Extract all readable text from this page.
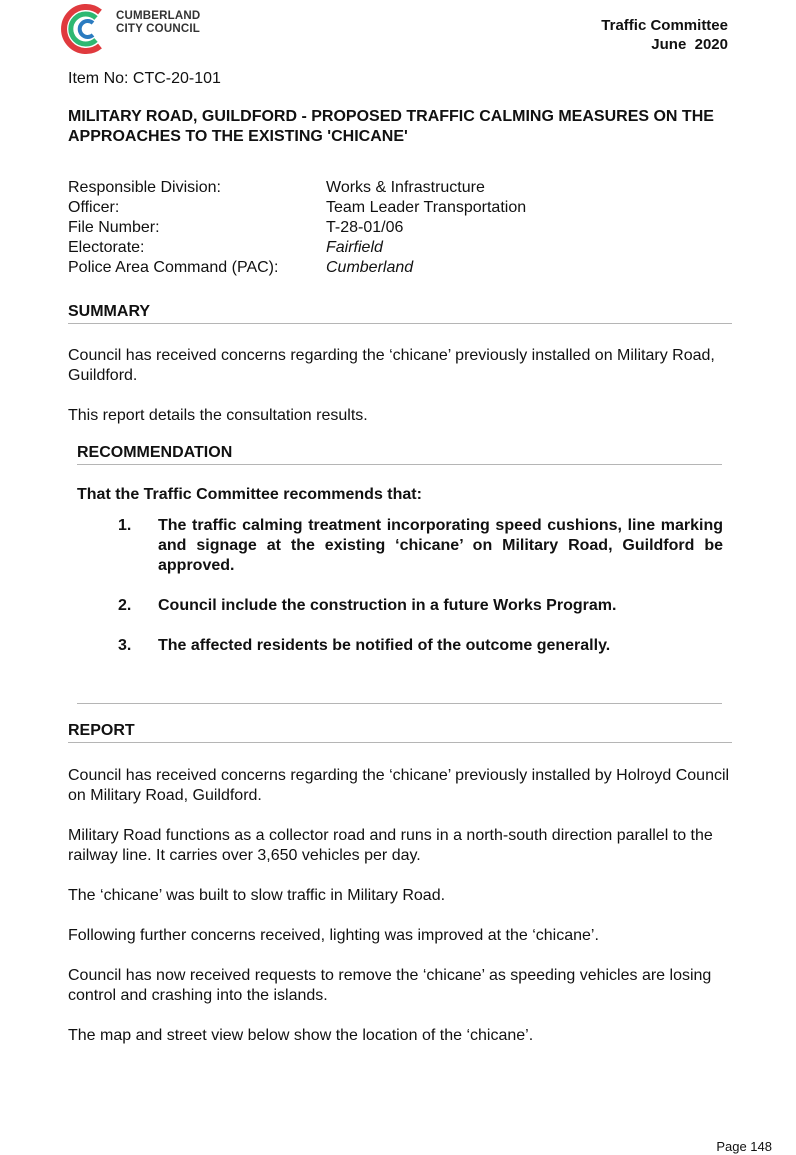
CUMBERLAND
CITY COUNCIL	Traffic Committee
June  2020
Item No: CTC-20-101
MILITARY ROAD, GUILDFORD - PROPOSED TRAFFIC CALMING MEASURES ON THE APPROACHES TO THE EXISTING 'CHICANE'
Responsible Division:	Works & Infrastructure
Officer:	Team Leader Transportation
File Number:	T-28-01/06
Electorate:	Fairfield
Police Area Command (PAC):	Cumberland
SUMMARY
Council has received concerns regarding the ‘chicane’ previously installed on Military Road, Guildford.
This report details the consultation results.
RECOMMENDATION
That the Traffic Committee recommends that:
1.	The traffic calming treatment incorporating speed cushions, line marking and signage at the existing ‘chicane’ on Military Road, Guildford be approved.
2.	Council include the construction in a future Works Program.
3.	The affected residents be notified of the outcome generally.
REPORT
Council has received concerns regarding the ‘chicane’ previously installed by Holroyd Council on Military Road, Guildford.
Military Road functions as a collector road and runs in a north-south direction parallel to the railway line. It carries over 3,650 vehicles per day.
The ‘chicane’ was built to slow traffic in Military Road.
Following further concerns received, lighting was improved at the ‘chicane’.
Council has now received requests to remove the ‘chicane’ as speeding vehicles are losing control and crashing into the islands.
The map and street view below show the location of the ‘chicane’.
Page 148
